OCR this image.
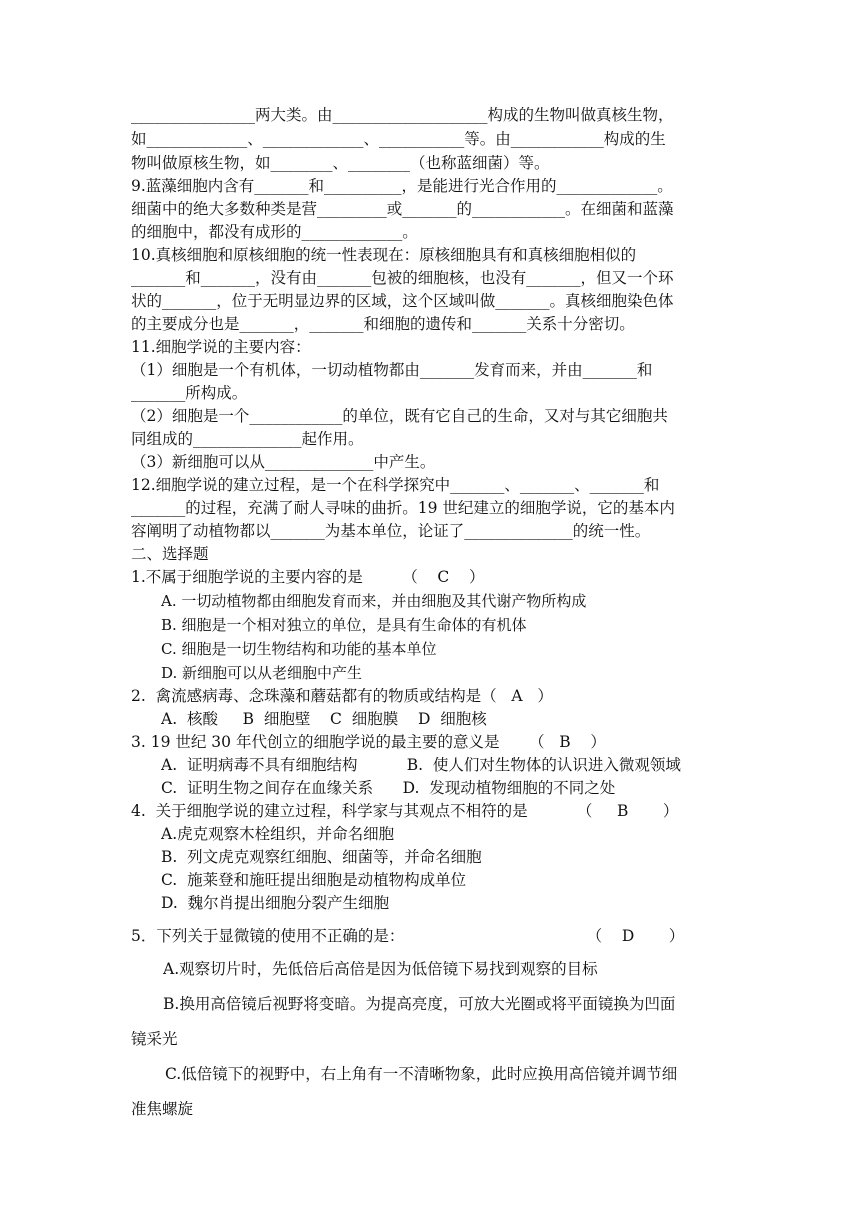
________________两大类。由____________________构成的生物叫做真核生物，
如_____________、_____________、___________等。由____________构成的生
物叫做原核生物，如________、________（也称蓝细菌）等。
9.蓝藻细胞内含有_______和__________，是能进行光合作用的_____________。
细菌中的绝大多数种类是营_________或_______的____________。在细菌和蓝藻
的细胞中，都没有成形的_____________。
10.真核细胞和原核细胞的统一性表现在：原核细胞具有和真核细胞相似的
_______和_______，没有由_______包被的细胞核，也没有_______，但又一个环
状的_______，位于无明显边界的区域，这个区域叫做_______。真核细胞染色体
的主要成分也是_______，_______和细胞的遗传和_______关系十分密切。
11.细胞学说的主要内容：
（1）细胞是一个有机体，一切动植物都由_______发育而来，并由_______和
_______所构成。
（2）细胞是一个____________的单位，既有它自己的生命，又对与其它细胞共
同组成的______________起作用。
（3）新细胞可以从______________中产生。
12.细胞学说的建立过程，是一个在科学探究中_______、_______、_______和
_______的过程，充满了耐人寻味的曲折。19 世纪建立的细胞学说，它的基本内
容阐明了动植物都以_______为基本单位，论证了______________的统一性。
二、选择题
1.不属于细胞学说的主要内容的是        （    C    ）
A. 一切动植物都由细胞发育而来，并由细胞及其代谢产物所构成
B. 细胞是一个相对独立的单位，是具有生命体的有机体
C. 细胞是一切生物结构和功能的基本单位
D. 新细胞可以从老细胞中产生
2.  禽流感病毒、念珠藻和蘑菇都有的物质或结构是（   A   ）
A.  核酸     B  细胞壁    C  细胞膜    D  细胞核
3. 19 世纪 30 年代创立的细胞学说的最主要的意义是      （   B    ）
A.  证明病毒不具有细胞结构          B.  使人们对生物体的认识进入微观领域
C.  证明生物之间存在血缘关系      D.  发现动植物细胞的不同之处
4.  关于细胞学说的建立过程，科学家与其观点不相符的是          （     B       ）
A.虎克观察木栓组织，并命名细胞
B.  列文虎克观察红细胞、细菌等，并命名细胞
C.  施莱登和施旺提出细胞是动植物构成单位
D.  魏尔肖提出细胞分裂产生细胞
5．下列关于显微镜的使用不正确的是：                                     （    D       ）
A.观察切片时，先低倍后高倍是因为低倍镜下易找到观察的目标
B.换用高倍镜后视野将变暗。为提高亮度，可放大光圈或将平面镜换为凹面
镜采光
C.低倍镜下的视野中，右上角有一不清晰物象，此时应换用高倍镜并调节细
准焦螺旋
